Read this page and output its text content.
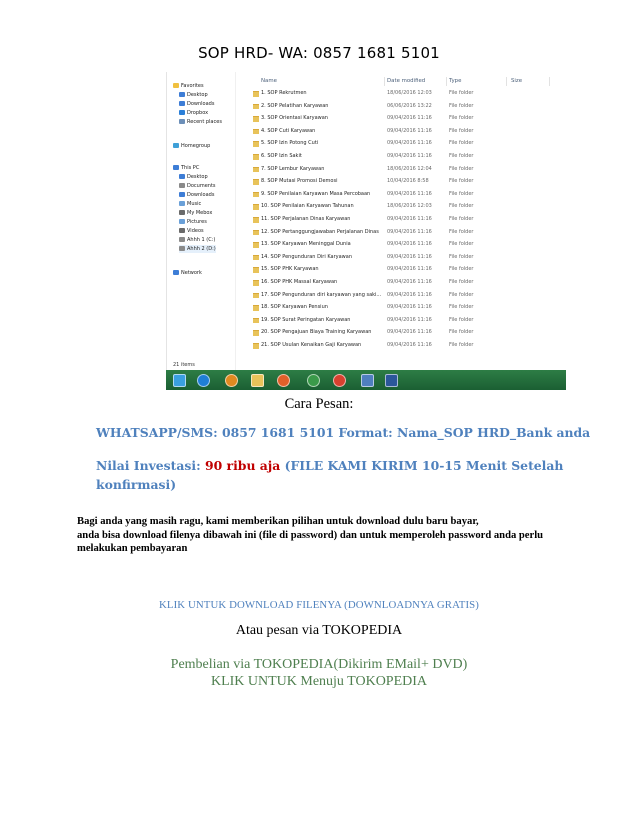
SOP HRD- WA: 0857 1681 5101
Favorites
Desktop
Downloads
Dropbox
Recent places
Homegroup
This PC
Desktop
Documents
Downloads
Music
My Mebox
Pictures
Videos
Ahhh 1 (C:)
Ahhh 2 (D:)
Network
Name	Date modified	Type	Size
1. SOP Rekrutmen	18/06/2016 12:03	File folder
2. SOP Pelatihan Karyawan	06/06/2016 13:22	File folder
3. SOP Orientasi Karyawan	09/04/2016 11:16	File folder
4. SOP Cuti Karyawan	09/04/2016 11:16	File folder
5. SOP Izin Potong Cuti	09/04/2016 11:16	File folder
6. SOP Izin Sakit	09/04/2016 11:16	File folder
7. SOP Lembur Karyawan	18/06/2016 12:04	File folder
8. SOP Mutasi Promosi Demosi	10/04/2016 8:58	File folder
9. SOP Penilaian Karyawan Masa Percobaan	09/04/2016 11:16	File folder
10. SOP Penilaian Karyawan Tahunan	18/06/2016 12:03	File folder
11. SOP Perjalanan Dinas Karyawan	09/04/2016 11:16	File folder
12. SOP Pertanggungjawaban Perjalanan Dinas 09/04/2016 11:16	File folder
13. SOP Karyawan Meninggal Dunia	09/04/2016 11:16	File folder
14. SOP Pengunduran Diri Karyawan	09/04/2016 11:16	File folder
15. SOP PHK Karyawan	09/04/2016 11:16	File folder
16. SOP PHK Massal Karyawan	09/04/2016 11:16	File folder
17. SOP Pengunduran diri karyawan yang saki... 09/04/2016 11:16	File folder
18. SOP Karyawan Pensiun	09/04/2016 11:16	File folder
19. SOP Surat Peringatan Karyawan	09/04/2016 11:16	File folder
20. SOP Pengajuan Biaya Training Karyawan	09/04/2016 11:16	File folder
21. SOP Usulan Kenaikan Gaji Karyawan	09/04/2016 11:16	File folder
21 items
Cara Pesan:
WHATSAPP/SMS: 0857 1681 5101 Format: Nama_SOP HRD_Bank anda
Nilai Investasi: 90 ribu aja (FILE KAMI KIRIM 10-15 Menit Setelah konfirmasi)
Bagi anda yang masih ragu, kami memberikan pilihan untuk download dulu baru bayar,
anda bisa download filenya dibawah ini (file di password) dan untuk memperoleh password anda perlu
melakukan pembayaran
KLIK UNTUK DOWNLOAD FILENYA (DOWNLOADNYA GRATIS)
Atau pesan via TOKOPEDIA
Pembelian via TOKOPEDIA(Dikirim EMail+ DVD)
KLIK UNTUK Menuju TOKOPEDIA
